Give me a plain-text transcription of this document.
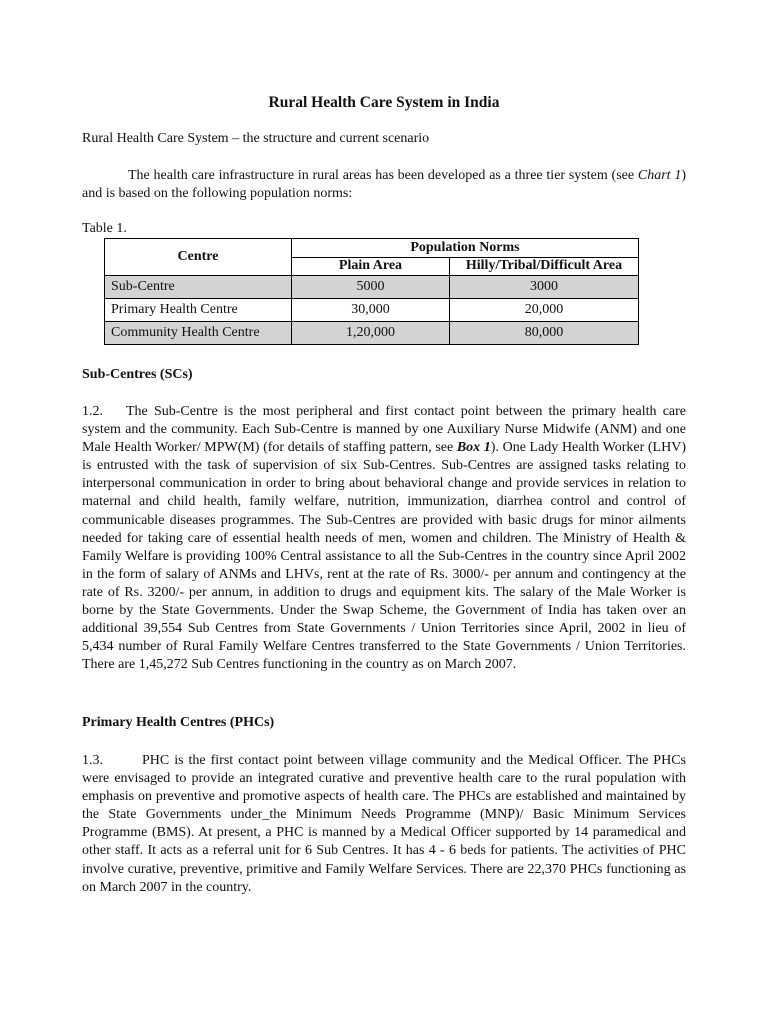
Rural Health Care System in India
Rural Health Care System – the structure and current scenario

The health care infrastructure in rural areas has been developed as a three tier system (see Chart 1) and is based on the following population norms:

Table 1.
Centre	Population Norms	
	Plain Area	Hilly/Tribal/Difficult Area
Sub-Centre	5000	3000
Primary Health Centre	30,000	20,000
Community Health Centre	1,20,000	80,000
Sub-Centres (SCs)

1.2. The Sub-Centre is the most peripheral and first contact point between the primary health care system and the community. Each Sub-Centre is manned by one Auxiliary Nurse Midwife (ANM) and one Male Health Worker/ MPW(M) (for details of staffing pattern, see Box 1). One Lady Health Worker (LHV) is entrusted with the task of supervision of six Sub-Centres. Sub-Centres are assigned tasks relating to interpersonal communication in order to bring about behavioral change and provide services in relation to maternal and child health, family welfare, nutrition, immunization, diarrhea control and control of communicable diseases programmes. The Sub-Centres are provided with basic drugs for minor ailments needed for taking care of essential health needs of men, women and children. The Ministry of Health & Family Welfare is providing 100% Central assistance to all the Sub-Centres in the country since April 2002 in the form of salary of ANMs and LHVs, rent at the rate of Rs. 3000/- per annum and contingency at the rate of Rs. 3200/- per annum, in addition to drugs and equipment kits. The salary of the Male Worker is borne by the State Governments. Under the Swap Scheme, the Government of India has taken over an additional 39,554 Sub Centres from State Governments / Union Territories since April, 2002 in lieu of 5,434 number of Rural Family Welfare Centres transferred to the State Governments / Union Territories. There are 1,45,272 Sub Centres functioning in the country as on March 2007.

Primary Health Centres (PHCs)

1.3.	PHC is the first contact point between village community and the Medical Officer. The PHCs were envisaged to provide an integrated curative and preventive health care to the rural population with emphasis on preventive and promotive aspects of health care. The PHCs are established and maintained by the State Governments under_the Minimum Needs Programme (MNP)/ Basic Minimum Services Programme (BMS). At present, a PHC is manned by a Medical Officer supported by 14 paramedical and other staff. It acts as a referral unit for 6 Sub Centres. It has 4 - 6 beds for patients. The activities of PHC involve curative, preventive, primitive and Family Welfare Services. There are 22,370 PHCs functioning as on March 2007 in the country.
